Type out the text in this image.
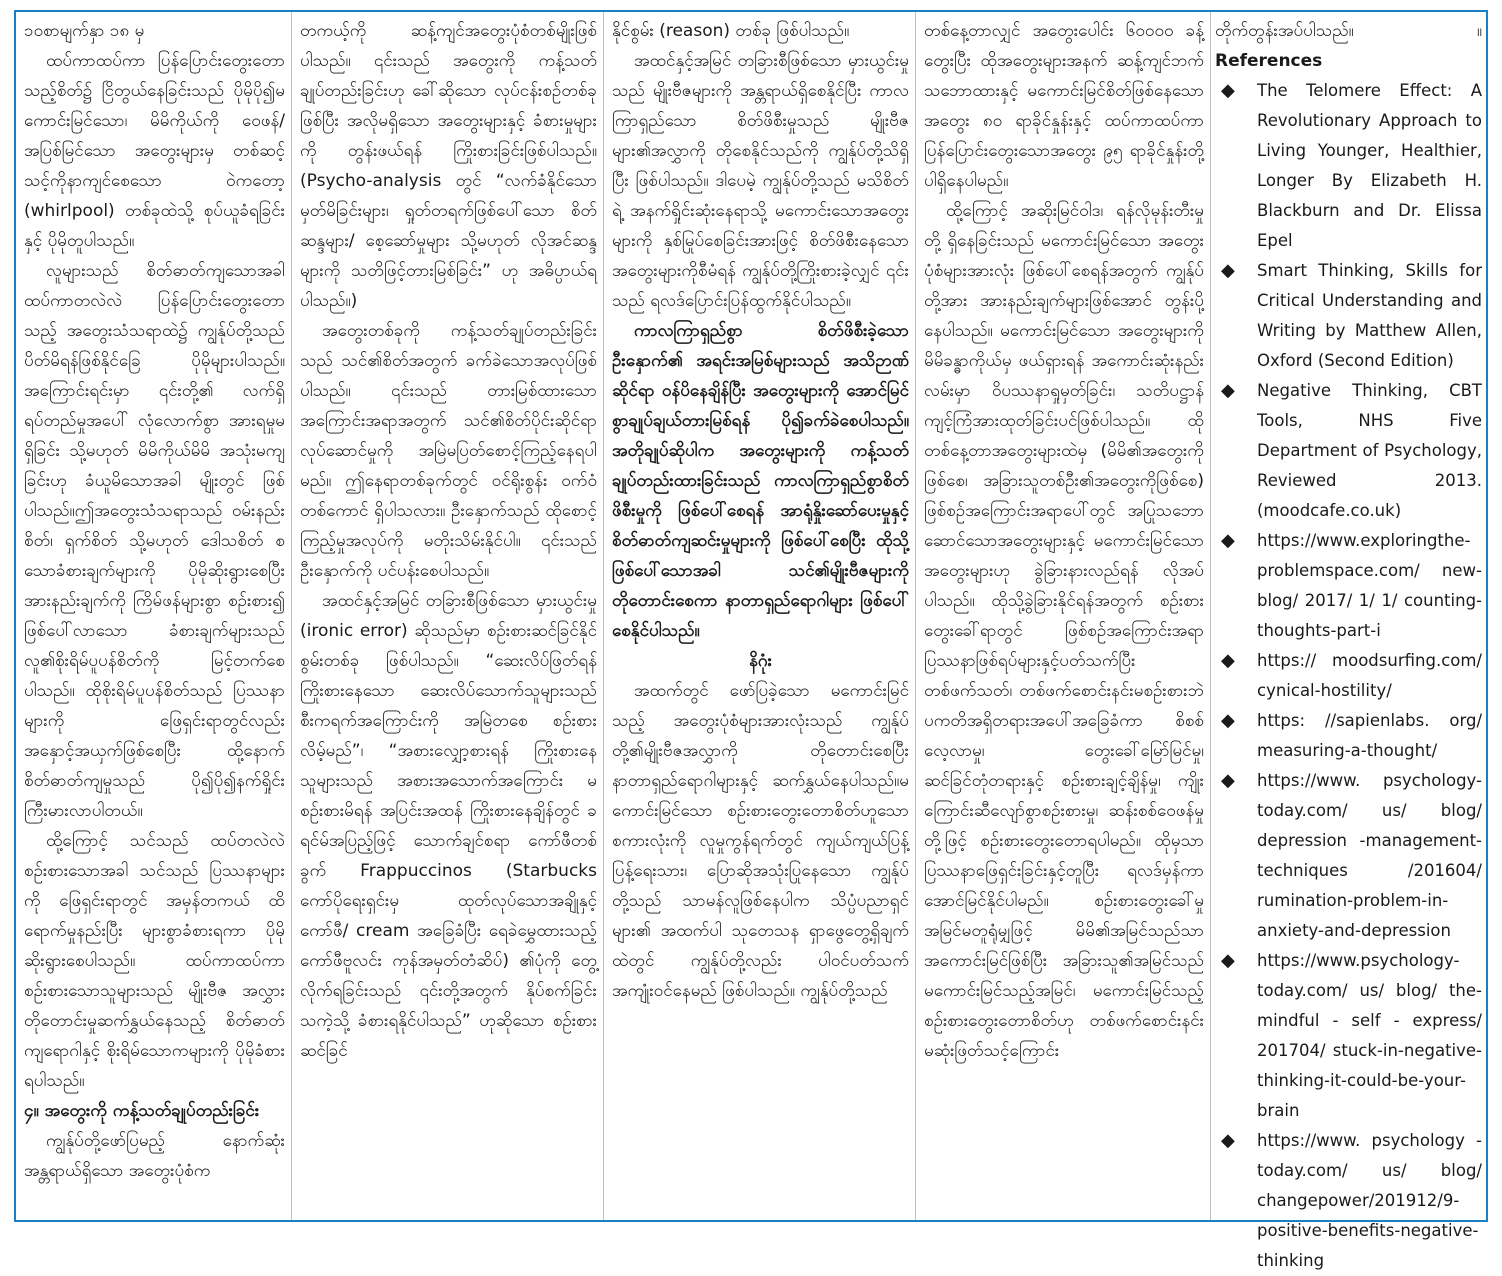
၁၀စာမျက်နှာ ၁၈ မှ

ထပ်ကာထပ်ကာ ပြန်ပြောင်းတွေးတောသည့်စိတ်၌ ငြိတွယ်နေခြင်းသည် ပိုမိုပို၍မကောင်းမြင်သော၊ မိမိကိုယ်ကို ဝေဖန်/ အပြစ်မြင်သော အတွေးများမှ တစ်ဆင့် သင့်ကိုနာကျင်စေသော ဝဲကတော့ (whirlpool) တစ်ခုထဲသို့ စုပ်ယူခံရခြင်းနှင့် ပိုမိုတူပါသည်။

လူများသည် စိတ်ဓာတ်ကျသောအခါ ထပ်ကာတလဲလဲ ပြန်ပြောင်းတွေးတောသည့် အတွေးသံသရာထဲ၌ ကျွန်ုပ်တို့သည် ပိတ်မိရန်ဖြစ်နိုင်ခြေ ပိုမိုများပါသည်။ အကြောင်းရင်းမှာ ၎င်းတို့၏ လက်ရှိရပ်တည်မှုအပေါ် လုံလောက်စွာ အားရမှုမရှိခြင်း သို့မဟုတ် မိမိကိုယ်မိမိ အသုံးမကျခြင်းဟု ခံယူမိသောအခါ မျိုးတွင် ဖြစ်ပါသည်။ဤအတွေးသံသရာသည် ဝမ်းနည်းစိတ်၊ ရှက်စိတ် သို့မဟုတ် ဒေါသစိတ် စသောခံစားချက်များကို ပိုမိုဆိုးရွားစေပြီး အားနည်းချက်ကို ကြိမ်ဖန်များစွာ စဉ်းစား၍ ဖြစ်ပေါ်လာသော ခံစားချက်များသည် လူ၏စိုးရိမ်ပူပန်စိတ်ကို မြင့်တက်စေပါသည်။ ထိုစိုးရိမ်ပူပန်စိတ်သည် ပြဿနာများကို ဖြေရှင်းရာတွင်လည်း အနှောင့်အယှက်ဖြစ်စေပြီး ထို့နောက် စိတ်ဓာတ်ကျမှုသည် ပို၍ပို၍နက်ရှိုင်းကြီးမားလာပါတယ်။

ထို့ကြောင့် သင်သည် ထပ်တလဲလဲ စဉ်းစားသောအခါ သင်သည် ပြဿနာများကို ဖြေရှင်းရာတွင် အမှန်တကယ် ထိရောက်မှုနည်းပြီး များစွာခံစားရကာ ပိုမိုဆိုးရွားစေပါသည်။ ထပ်ကာထပ်ကာ စဉ်းစားသောသူများသည် မျိုးဗီဇ အလွှား တိုတောင်းမှုဆက်နွှယ်နေသည့် စိတ်ဓာတ်ကျရောဂါနှင့် စိုးရိမ်သောကများကို ပိုမိုခံစားရပါသည်။

၄။ အတွေးကို ကန့်သတ်ချုပ်တည်းခြင်း

ကျွန်ုပ်တို့ဖော်ပြမည့် နောက်ဆုံးအန္တရာယ်ရှိသော အတွေးပုံစံက

တကယ့်ကို ဆန့်ကျင်အတွေးပုံစံတစ်မျိုးဖြစ်ပါသည်။ ၎င်းသည် အတွေးကို ကန့်သတ်ချုပ်တည်းခြင်းဟု ခေါ်ဆိုသော လုပ်ငန်းစဉ်တစ်ခုဖြစ်ပြီး အလိုမရှိသော အတွေးများနှင့် ခံစားမှုများကို တွန်းဖယ်ရန် ကြိုးစားခြင်းဖြစ်ပါသည်။ (Psycho-analysis တွင် “လက်ခံနိုင်သော မှတ်မိခြင်းများ၊ ရှုတ်တရက်ဖြစ်ပေါ်သော စိတ်ဆန္ဒများ/ စေ့ဆော်မှုများ သို့မဟုတ် လိုအင်ဆန္ဒများကို သတိဖြင့်တားမြစ်ခြင်း” ဟု အဓိပ္ပာယ်ရပါသည်။)

အတွေးတစ်ခုကို ကန့်သတ်ချုပ်တည်းခြင်းသည် သင်၏စိတ်အတွက် ခက်ခဲသောအလုပ်ဖြစ်ပါသည်။ ၎င်းသည် တားမြစ်ထားသော အကြောင်းအရာအတွက် သင်၏စိတ်ပိုင်းဆိုင်ရာ လုပ်ဆောင်မှုကို အမြဲမပြတ်စောင့်ကြည့်နေရပါမည်။ ဤနေရာတစ်ခုက်တွင် ဝင်ရိုးစွန်း ဝက်ဝံတစ်ကောင် ရှိပါသလား။ ဦးနှောက်သည် ထိုစောင့်ကြည့်မှုအလုပ်ကို မတိုးသိမ်းနိုင်ပါ။ ၎င်းသည် ဦးနှောက်ကို ပင်ပန်းစေပါသည်။

အထင်နှင့်အမြင် တခြားစီဖြစ်သော မှားယွင်းမှု (ironic error) ဆိုသည်မှာ စဉ်းစားဆင်ခြင်နိုင်စွမ်းတစ်ခု ဖြစ်ပါသည်။ “ဆေးလိပ်ဖြတ်ရန် ကြိုးစားနေသော ဆေးလိပ်သောက်သူများသည် စီးကရက်အကြောင်းကို အမြဲတစေ စဉ်းစားလိမ့်မည်”၊ “အစားလျှော့စားရန် ကြိုးစားနေသူများသည် အစားအသောက်အကြောင်း မစဉ်းစားမိရန် အပြင်းအထန် ကြိုးစားနေချိန်တွင် ခရင်မ်အပြည့်ဖြင့် သောက်ချင်စရာ ကော်ဖီတစ်ခွက် Frappuccinos (Starbucks ကော်ပိုရေးရှင်းမှ ထုတ်လုပ်သောအချိုနှင့် ကော်ဖီ/ cream အခြေခံပြီး ရေခဲမွှေထားသည့် ကော်ဖီဗူလင်း ကုန်အမှတ်တံဆိပ်) ၏ပုံကို တွေ့လိုက်ရခြင်းသည် ၎င်းတို့အတွက် နိုပ်စက်ခြင်းသကဲ့သို့ ခံစားရနိုင်ပါသည်” ဟုဆိုသော စဉ်းစားဆင်ခြင်

နိုင်စွမ်း (reason) တစ်ခု ဖြစ်ပါသည်။

အထင်နှင့်အမြင် တခြားစီဖြစ်သော မှားယွင်းမှုသည် မျိုးဗီဇများကို အန္တရာယ်ရှိစေနိုင်ပြီး ကာလကြာရှည်သော စိတ်ဖိစီးမှုသည် မျိုးဗီဇများ၏အလွှာကို တိုစေနိုင်သည်ကို ကျွန်ုပ်တို့သိရှိပြီး ဖြစ်ပါသည်။ ဒါပေမဲ့ ကျွန်ုပ်တို့သည် မသိစိတ်ရဲ့ အနက်ရှိုင်းဆုံးနေရာသို့ မကောင်းသောအတွေးများကို နှစ်မြုပ်စေခြင်းအားဖြင့် စိတ်ဖိစီးနေသောအတွေးများကိုစီမံရန် ကျွန်ုပ်တို့ကြိုးစားခဲ့လျှင် ၎င်းသည် ရလဒ်ပြောင်းပြန်ထွက်နိုင်ပါသည်။

ကာလကြာရှည်စွာ စိတ်ဖိစီးခဲ့သော ဦးနှောက်၏ အရင်းအမြစ်များသည် အသိဉာဏ်ဆိုင်ရာ ဝန်ပိနေချိန်ပြီး အတွေးများကို အောင်မြင်စွာချုပ်ချယ်တားမြစ်ရန် ပို၍ခက်ခဲစေပါသည်။ အတိုချုပ်ဆိုပါက အတွေးများကို ကန့်သတ်ချုပ်တည်းထားခြင်းသည် ကာလကြာရှည်စွာစိတ်ဖိစီးမှုကို ဖြစ်ပေါ်စေရန် အာရုံနှိုးဆော်ပေးမှုနှင့် စိတ်ဓာတ်ကျဆင်းမှုများကို ဖြစ်ပေါ်စေပြီး ထိုသို့ဖြစ်ပေါ်သောအခါ သင်၏မျိုးဗီဇများကို တိုတောင်းစေကာ နာတာရှည်ရောဂါများ ဖြစ်ပေါ်စေနိုင်ပါသည်။

နိဂုံး

အထက်တွင် ဖော်ပြခဲ့သော မကောင်းမြင်သည့် အတွေးပုံစံများအားလုံးသည် ကျွန်ုပ်တို့၏မျိုးဗီဇအလွှာကို တိုတောင်းစေပြီး နာတာရှည်ရောဂါများနှင့် ဆက်နွှယ်နေပါသည်။မကောင်းမြင်သော စဉ်းစားတွေးတောစိတ်ဟူသော စကားလုံးကို လူမှုကွန်ရက်တွင် ကျယ်ကျယ်ပြန့်ပြန့်ရေးသား၊ ပြောဆိုအသုံးပြုနေသော ကျွန်ုပ်တို့သည် သာမန်လူဖြစ်နေပါက သိပ္ပံပညာရှင်များ၏ အထက်ပါ သုတေသန ရှာဖွေတွေ့ရှိချက်ထဲတွင် ကျွန်ုပ်တို့လည်း ပါဝင်ပတ်သက် အကျုံးဝင်နေမည် ဖြစ်ပါသည်။ ကျွန်ုပ်တို့သည်

တစ်နေ့တာလျှင် အတွေးပေါင်း ၆၀၀၀၀ ခန့်တွေးပြီး ထိုအတွေးများအနက် ဆန့်ကျင်ဘက် သဘောထားနှင့် မကောင်းမြင်စိတ်ဖြစ်နေသော အတွေး ၈၀ ရာခိုင်နှုန်းနှင့် ထပ်ကာထပ်ကာ ပြန်ပြောင်းတွေးသောအတွေး ၉၅ ရာခိုင်နှုန်းတို့ ပါရှိနေပါမည်။

ထို့ကြောင့် အဆိုးမြင်ဝါဒ၊ ရန်လိုမုန်းတီးမှုတို့ ရှိနေခြင်းသည် မကောင်းမြင်သော အတွေးပုံစံများအားလုံး ဖြစ်ပေါ်စေရန်အတွက် ကျွန်ုပ်တို့အား အားနည်းချက်များဖြစ်အောင် တွန်းပို့နေပါသည်။ မကောင်းမြင်သော အတွေးများကို မိမိခန္ဓာကိုယ်မှ ဖယ်ရှားရန် အကောင်းဆုံးနည်းလမ်းမှာ ဝိပဿနာရှုမှတ်ခြင်း၊ သတိပဋ္ဌာန် ကျင့်ကြံအားထုတ်ခြင်းပင်ဖြစ်ပါသည်။ ထိုတစ်နေ့တာအတွေးများထဲမှ (မိမိ၏အတွေးကိုဖြစ်စေ၊ အခြားသူတစ်ဦး၏အတွေးကိုဖြစ်စေ) ဖြစ်စဉ်အကြောင်းအရာပေါ်တွင် အပြုသဘော ဆောင်သောအတွေးများနှင့် မကောင်းမြင်သောအတွေးများဟု ခွဲခြားနားလည်ရန် လိုအပ်ပါသည်။ ထိုသို့ခွဲခြားနိုင်ရန်အတွက် စဉ်းစားတွေးခေါ်ရာတွင် ဖြစ်စဉ်အကြောင်းအရာ ပြဿနာဖြစ်ရပ်များနှင့်ပတ်သက်ပြီး တစ်ဖက်သတ်၊ တစ်ဖက်စောင်းနင်းမစဉ်းစားဘဲ ပကတိအရှိတရားအပေါ်အခြေခံကာ စိစစ်လေ့လာမှု၊ တွေးခေါ်မြော်မြင်မှု၊ ဆင်ခြင်တုံတရားနှင့် စဉ်းစားချင့်ချိန်မှု၊ ကျိုးကြောင်းဆီလျော်စွာစဉ်းစားမှု၊ ဆန်းစစ်ဝေဖန်မှုတို့ဖြင့် စဉ်းစားတွေးတောရပါမည်။ ထိုမှသာ ပြဿနာဖြေရှင်းခြင်းနှင့်တူပြီး ရလဒ်မှန်ကာ အောင်မြင်နိုင်ပါမည်။ စဉ်းစားတွေးခေါ်မှု အမြင်မတူရုံမျှဖြင့် မိမိ၏အမြင်သည်သာ အကောင်းမြင်ဖြစ်ပြီး အခြားသူ၏အမြင်သည် မကောင်းမြင်သည့်အမြင်၊ မကောင်းမြင်သည့် စဉ်းစားတွေးတောစိတ်ဟု တစ်ဖက်စောင်းနင်း မဆုံးဖြတ်သင့်ကြောင်း

တိုက်တွန်းအပ်ပါသည်။	။

References

◆ The Telomere Effect: A Revolutionary Approach to Living Younger, Healthier, Longer By Elizabeth H. Blackburn and Dr. Elissa Epel
◆ Smart Thinking, Skills for Critical Understanding and Writing by Matthew Allen, Oxford (Second Edition)
◆ Negative Thinking, CBT Tools, NHS Five Department of Psychology, Reviewed 2013. (moodcafe.co.uk)
◆ https://www.exploringthe-problemspace.com/ new-blog/ 2017/ 1/ 1/ counting-thoughts-part-i
◆ https:// moodsurfing.com/ cynical-hostility/
◆ https: //sapienlabs. org/ measuring-a-thought/
◆ https://www. psychology-today.com/ us/ blog/ depression -management-techniques /201604/ rumination-problem-in-anxiety-and-depression
◆ https://www.psychology-today.com/ us/ blog/ the-mindful - self - express/ 201704/ stuck-in-negative-thinking-it-could-be-your-brain
◆ https://www. psychology - today.com/ us/ blog/ changepower/201912/9-positive-benefits-negative-thinking
